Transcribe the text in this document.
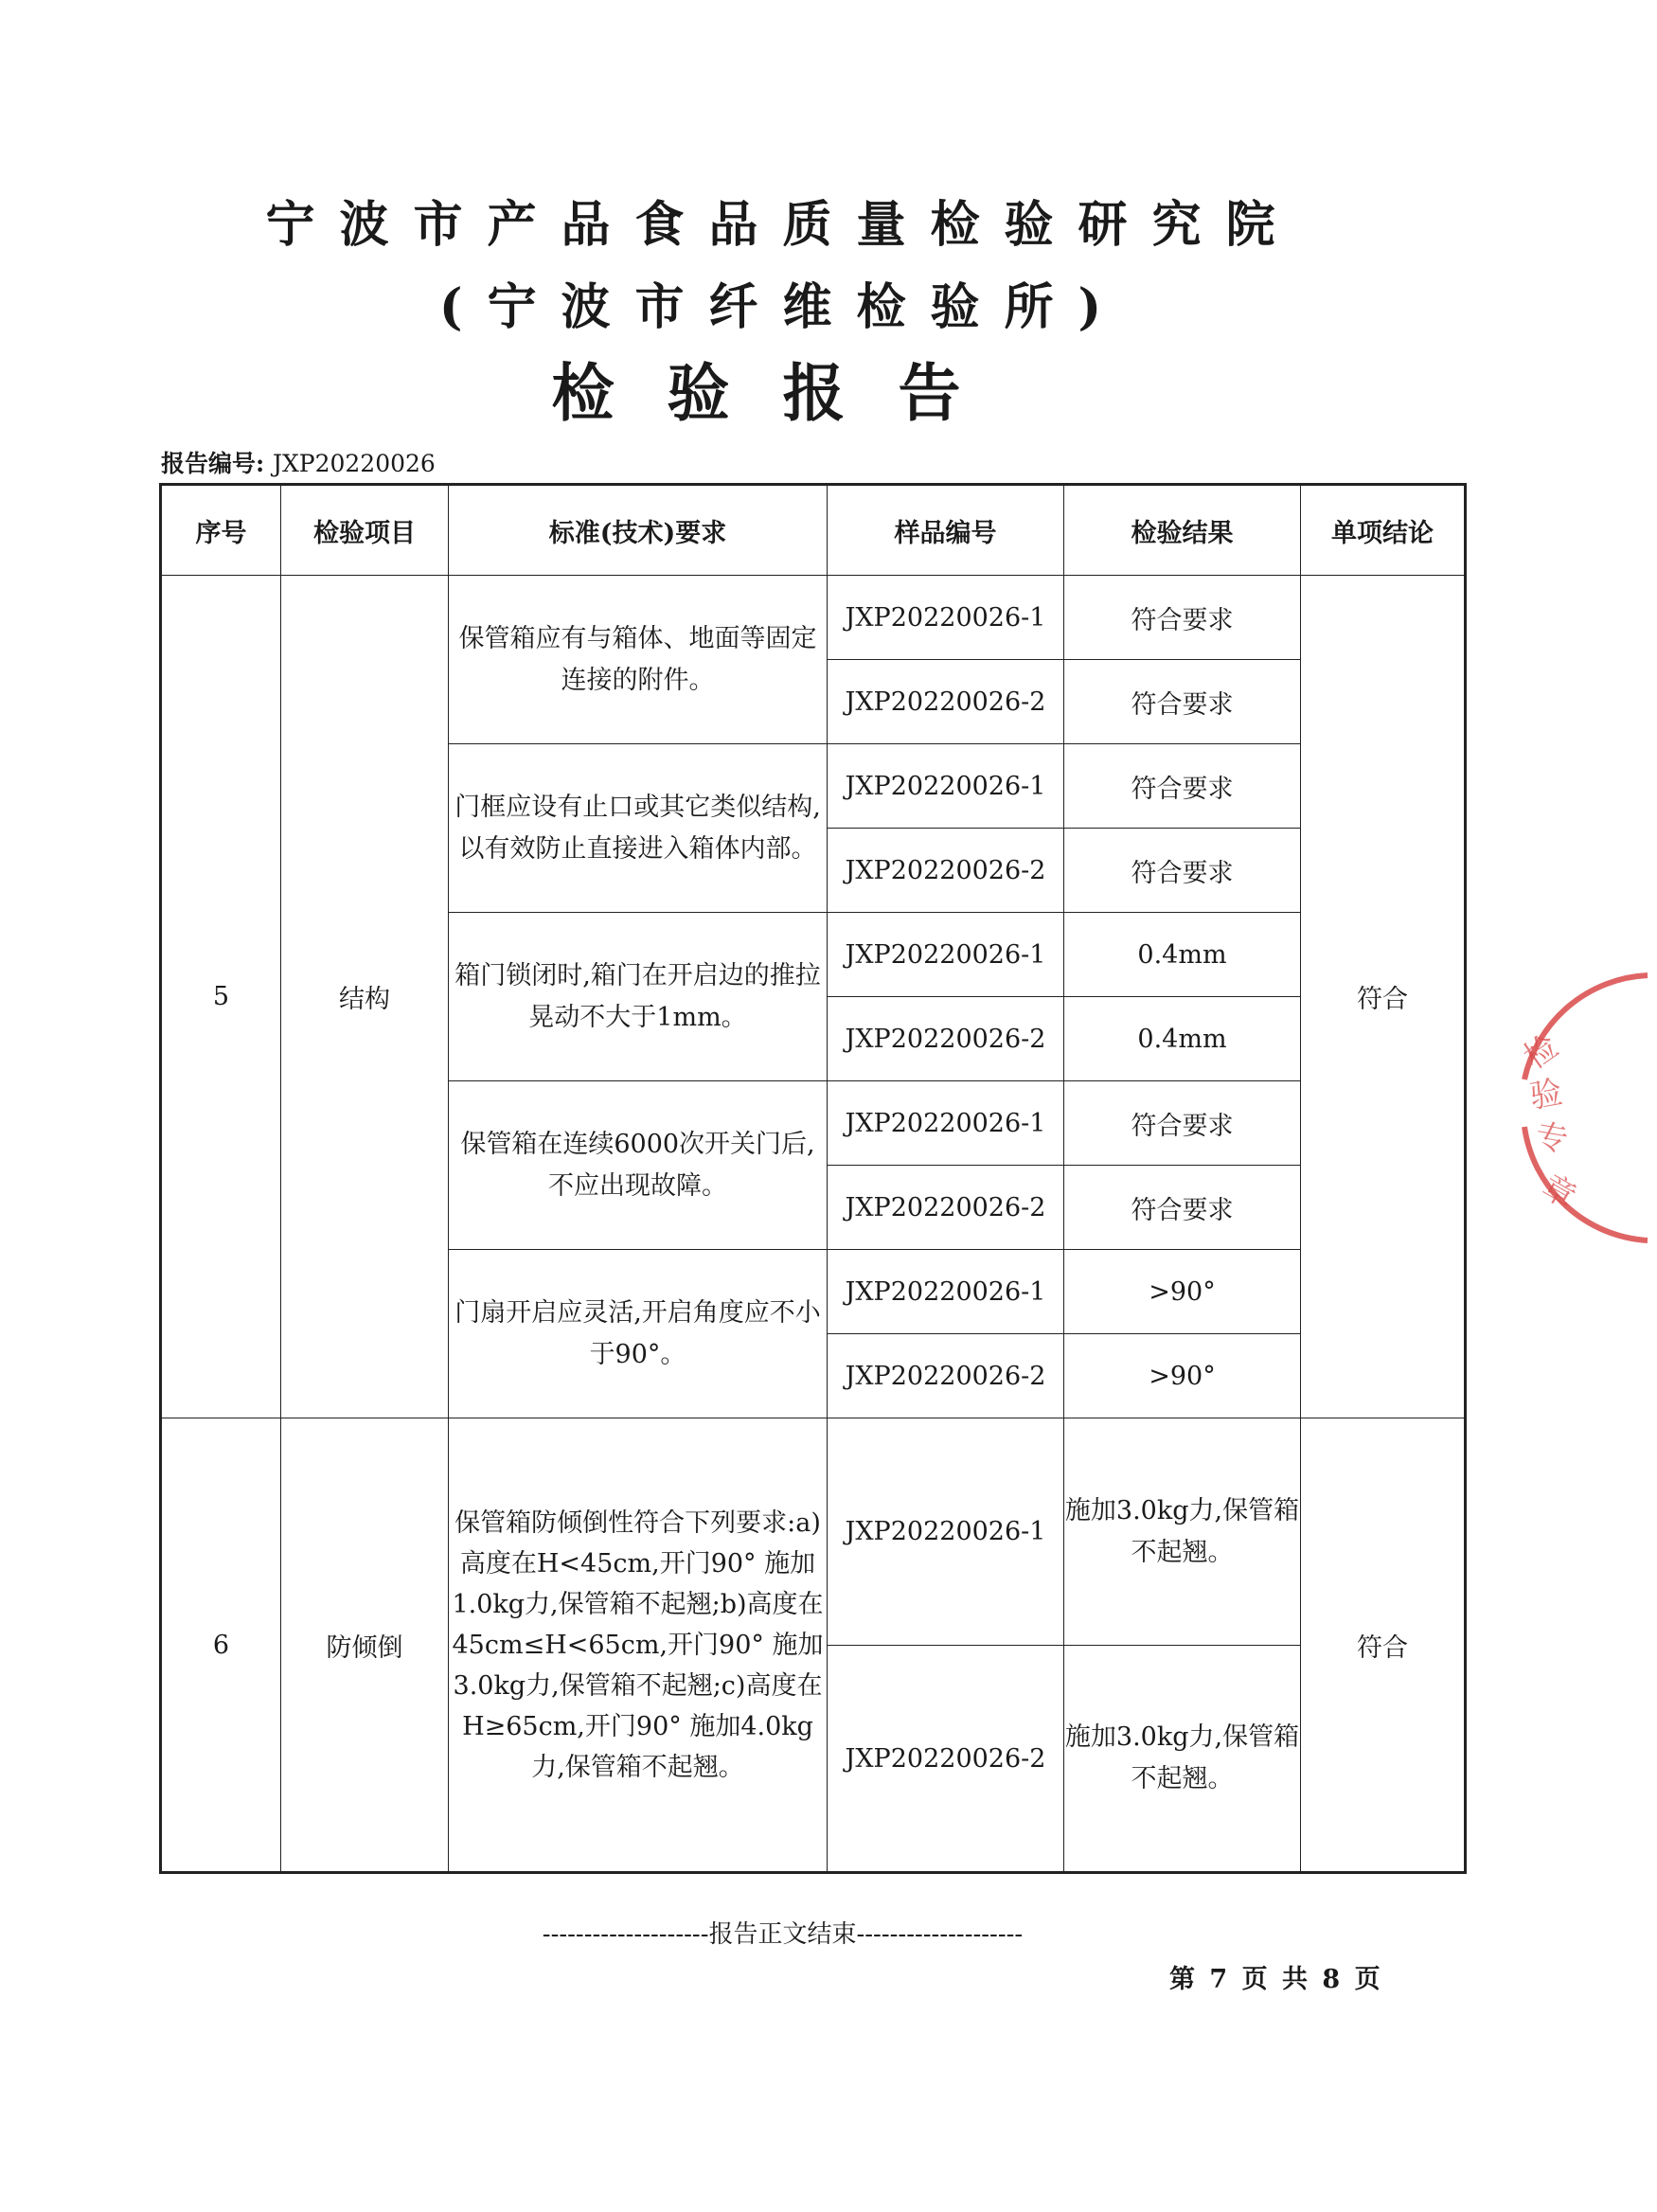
宁波市产品食品质量检验研究院
(宁波市纤维检验所)
检验报告
报告编号: JXP20220026
序号	检验项目	标准(技术)要求	样品编号	检验结果	单项结论
5	结构	保管箱应有与箱体、地面等固定连接的附件。	JXP20220026-1	符合要求	符合
			JXP20220026-2	符合要求	
		门框应设有止口或其它类似结构,以有效防止直接进入箱体内部。	JXP20220026-1	符合要求	
			JXP20220026-2	符合要求	
		箱门锁闭时,箱门在开启边的推拉晃动不大于1mm。	JXP20220026-1	0.4mm	
			JXP20220026-2	0.4mm	
		保管箱在连续6000次开关门后,不应出现故障。	JXP20220026-1	符合要求	
			JXP20220026-2	符合要求	
		门扇开启应灵活,开启角度应不小于90°。	JXP20220026-1	>90°	
			JXP20220026-2	>90°	
6	防倾倒	保管箱防倾倒性符合下列要求:a)高度在H<45cm,开门90° 施加1.0kg力,保管箱不起翘;b)高度在45cm≤H<65cm,开门90° 施加3.0kg力,保管箱不起翘;c)高度在H≥65cm,开门90° 施加4.0kg力,保管箱不起翘。	JXP20220026-1	施加3.0kg力,保管箱不起翘。	符合
			JXP20220026-2	施加3.0kg力,保管箱不起翘。	
--------------------报告正文结束--------------------
第 7 页 共 8 页
检
验
专
章
